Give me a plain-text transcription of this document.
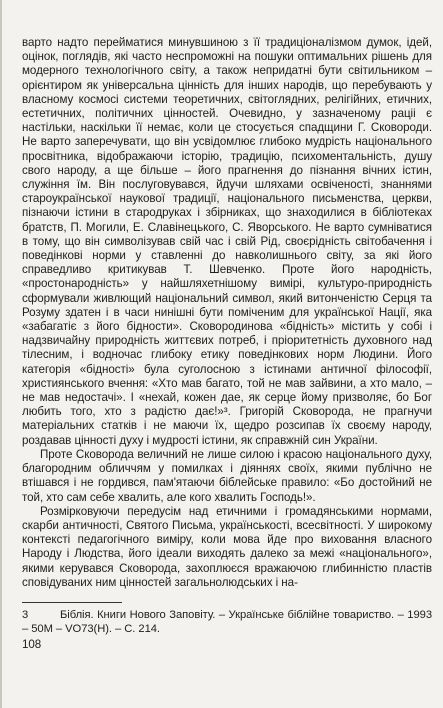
варто надто перейматися минувшиною з її традиціоналізмом думок, ідей, оцінок, поглядів, які часто неспроможні на пошуки оптимальних рішень для модерного технологічного світу, а також непридатні бути світильником – орієнтиром як універсальна цінність для інших народів, що перебувають у власному космосі системи теоретичних, світоглядних, релігійних, етичних, естетичних, політичних цінностей. Очевидно, у зазначеному раціі є настільки, наскільки її немає, коли це стосується спадщини Г. Сковороди. Не варто заперечувати, що він усвідомлює глибоко мудрість національного просвітника, відображаючи історію, традицію, психоментальність, душу свого народу, а ще більше – його прагнення до пізнання вічних істин, служіння їм. Він послуговувався, йдучи шляхами освіченості, знаннями староукраїнської наукової традиції, національного письменства, церкви, пізнаючи істини в стародруках і збірниках, що знаходилися в бібліотеках братств, П. Могили, Е. Славінецького, С. Яворського. Не варто сумніватися в тому, що він символізував свій час і свій Рід, своєрідність світобачення і поведінкові норми у ставленні до навколишнього світу, за які його справедливо критикував Т. Шевченко. Проте його народність, «простонародність» у найшляхетнішому вимірі, культуро-природність сформували живлющий національний символ, який витонченістю Серця та Розуму здатен і в часи нинішні бути поміченим для української Нації, яка «забагатіє з його бідности». Сковородинова «бідність» містить у собі і надзвичайну природність життєвих потреб, і пріоритетність духовного над тілесним, і водночас глибоку етику поведінкових норм Людини. Його категорія «бідності» була суголосною з істинами античної філософії, християнського вчення: «Хто мав багато, той не мав зайвини, а хто мало, – не мав недостачі». І «нехай, кожен дае, як серце йому призволяє, бо Бог любить того, хто з радістю дає!»³. Григорій Сковорода, не прагнучи матеріальних статків і не маючи їх, щедро розсипав їх своєму народу, роздавав цінності духу і мудрості істини, як справжній син України.

Проте Сковорода величний не лише силою і красою національного духу, благородним обличчям у помилках і діяннях своїх, якими публічно не втішався і не гордився, пам'ятаючи біблейське правило: «Бо достойний не той, хто сам себе хвалить, але кого хвалить Господь!».

Розмірковуючи передусім над етичними і громадянськими нормами, скарби античності, Святого Письма, українськості, всесвітності. У широкому контексті педагогічного виміру, коли мова йде про виховання власного Народу і Людства, його ідеали виходять далеко за межі «національного», якими керувався Сковорода, захоплюєся вражаючою глибинністю пластів сповідуваних ним цінностей загальнолюдських і на-

3	Біблія. Книги Нового Заповіту. – Українське біблійне товариство. – 1993 – 50М – VO73(Н). – С. 214.

108
